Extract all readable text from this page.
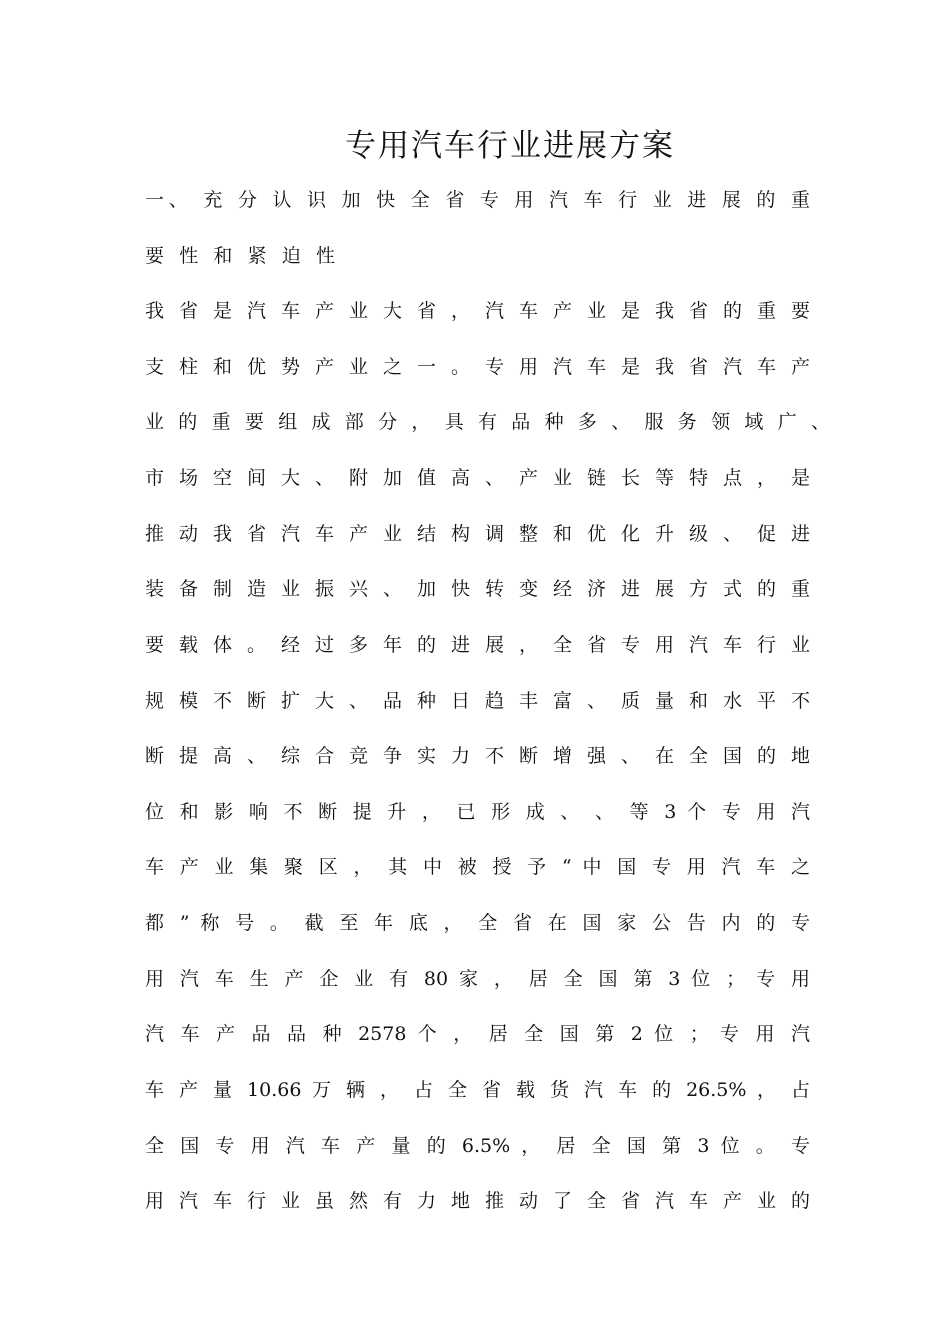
专用汽车行业进展方案
一、 充 分 认 识 加 快 全 省 专 用 汽 车 行 业 进 展 的 重
要 性 和 紧 迫 性
我 省 是 汽 车 产 业 大 省 ， 汽 车 产 业 是 我 省 的 重 要
支 柱 和 优 势 产 业 之 一 。 专 用 汽 车 是 我 省 汽 车 产
业 的 重 要 组 成 部 分 ， 具 有 品 种 多 、 服 务 领 域 广 、
市 场 空 间 大 、 附 加 值 高 、 产 业 链 长 等 特 点 ， 是
推 动 我 省 汽 车 产 业 结 构 调 整 和 优 化 升 级 、 促 进
装 备 制 造 业 振 兴 、 加 快 转 变 经 济 进 展 方 式 的 重
要 载 体 。 经 过 多 年 的 进 展 ， 全 省 专 用 汽 车 行 业
规 模 不 断 扩 大 、 品 种 日 趋 丰 富 、 质 量 和 水 平 不
断 提 高 、 综 合 竞 争 实 力 不 断 增 强 、 在 全 国 的 地
位 和 影 响 不 断 提 升 ， 已 形 成 、 、 等 3 个 专 用 汽
车 产 业 集 聚 区 ， 其 中 被 授 予 “ 中 国 专 用 汽 车 之
都 ” 称 号 。 截 至 年 底 ， 全 省 在 国 家 公 告 内 的 专
用 汽 车 生 产 企 业 有 80 家 ， 居 全 国 第 3 位 ； 专 用
汽 车 产 品 品 种 2578 个 ， 居 全 国 第 2 位 ； 专 用 汽
车 产 量 10.66 万 辆 ， 占 全 省 载 货 汽 车 的 26.5% ， 占
全 国 专 用 汽 车 产 量 的 6.5% ， 居 全 国 第 3 位 。 专
用 汽 车 行 业 虽 然 有 力 地 推 动 了 全 省 汽 车 产 业 的
